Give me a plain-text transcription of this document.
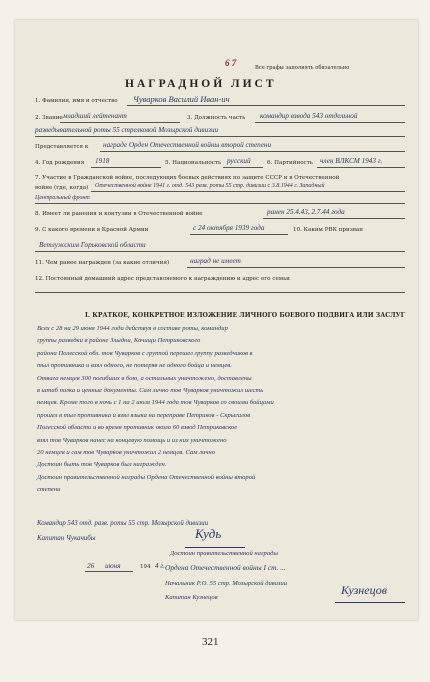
6 7	Все графы заполнять обязательно
НАГРАДНОЙ ЛИСТ
1. Фамилия, имя и отчество Чуварков Василий Иван-ич
2. Звание младший лейтенант	3. Должность часть командир взвода 543 отдельной
разведывательной роты 55 стрелковой Мозырской дивизии
Представляется к награде Орден Отечественной войны второй степени
4. Год рождения 1918	5. Национальность русский	6. Партийность член ВЛКСМ 1943 г.
7. Участие в Гражданской войне, последующих боевых действиях по защите СССР и в Отечественной
войне (где, когда) Отечественной войне 1941 г. отд. 543 разв. роты 55 стр. дивизии с 3.8.1944 г. Западный
Центральный фронт
8. Имеет ли ранения и контузии в Отечественной войне	ранен 25.4.43, 2.7.44 года
9. С какого времени в Красной Армии	с 24 октября 1939 года	10. Каким РВК призван
Ветлужским Горьковской области
11. Чем ранее награжден (за какие отличия)	наград не имеет
12. Постоянный домашний адрес представляемого к награждению и адрес его семьи
I. КРАТКОЕ, КОНКРЕТНОЕ ИЗЛОЖЕНИЕ ЛИЧНОГО БОЕВОГО ПОДВИГА ИЛИ ЗАСЛУГ
Всех с 28 на 29 июня 1944 года действуя в составе роты, командир
группы разведки в районе Злыдни, Кочищи Петриковского
района Полесской обл. тов Чуварков с группой перешел группу разведчиков в
тыл противника и взял одного, не потеряв не одного бойца и немцев.
Отвага немцев 300 погибших в бою, а остальных уничтожено, доставлены
в штаб полка и ценные документы. Сам лично тов Чуварков уничтожил шесть
немцев. Кроме того в ночь с 1 на 2 июля 1944 года тов Чуварков со своими бойцами
прошел в тыл противника и взял языка на переправе Петриков - Скрыгалов
Полесской области и во время противник около 60 взвод Петриковское
взял тов Чуварков нанес на концевую помощь и из них уничтожено
20 немцев и сам тов Чуварков уничтожил 2 немцев. Сам лично
Достоин быть тов Чуварков был награжден.
Достоин правительственной награды Ордена Отечественной войны второй
степени
Командир 543 отд. разв. роты 55 стр. Мозырской дивизии
Капитан Чукачибы	Кудь
26 июня	194 4 г.
Достоин правительственной награды
Ордена Отечественной войны I ст. ...
Начальник Р.О. 55 стр. Мозырской дивизии
Капитан Кузнецов
Кузнецов
321
